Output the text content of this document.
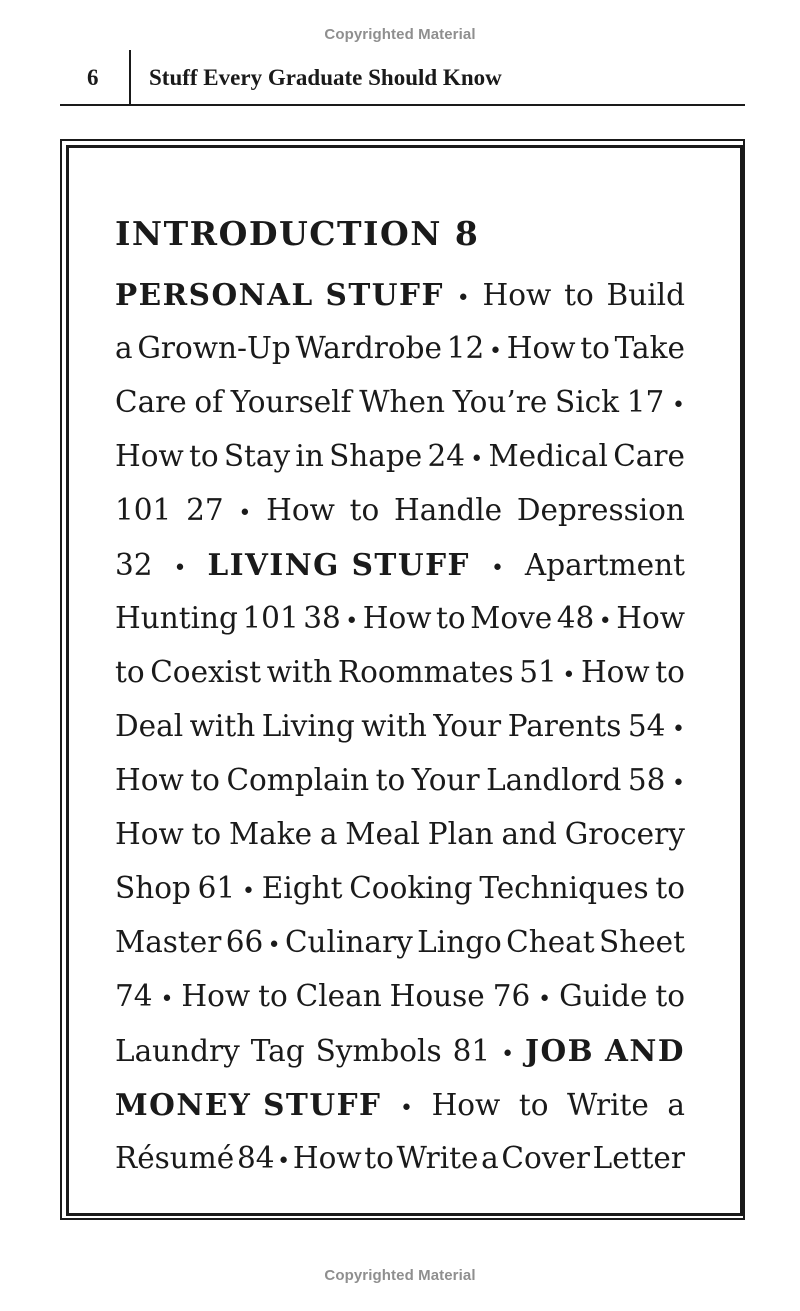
Copyrighted Material
6 Stuff Every Graduate Should Know
INTRODUCTION 8
PERSONAL STUFF • How to Build
a Grown-Up Wardrobe 12 • How to Take
Care of Yourself When You’re Sick 17 •
How to Stay in Shape 24 • Medical Care
101 27 • How to Handle Depression
32 • LIVING STUFF • Apartment
Hunting 101 38 • How to Move 48 • How
to Coexist with Roommates 51 • How to
Deal with Living with Your Parents 54 •
How to Complain to Your Landlord 58 •
How to Make a Meal Plan and Grocery
Shop 61 • Eight Cooking Techniques to
Master 66 • Culinary Lingo Cheat Sheet
74 • How to Clean House 76 • Guide to
Laundry Tag Symbols 81 • JOB AND
MONEY STUFF • How to Write a
Résumé 84 • How to Write a Cover Letter
Copyrighted Material
